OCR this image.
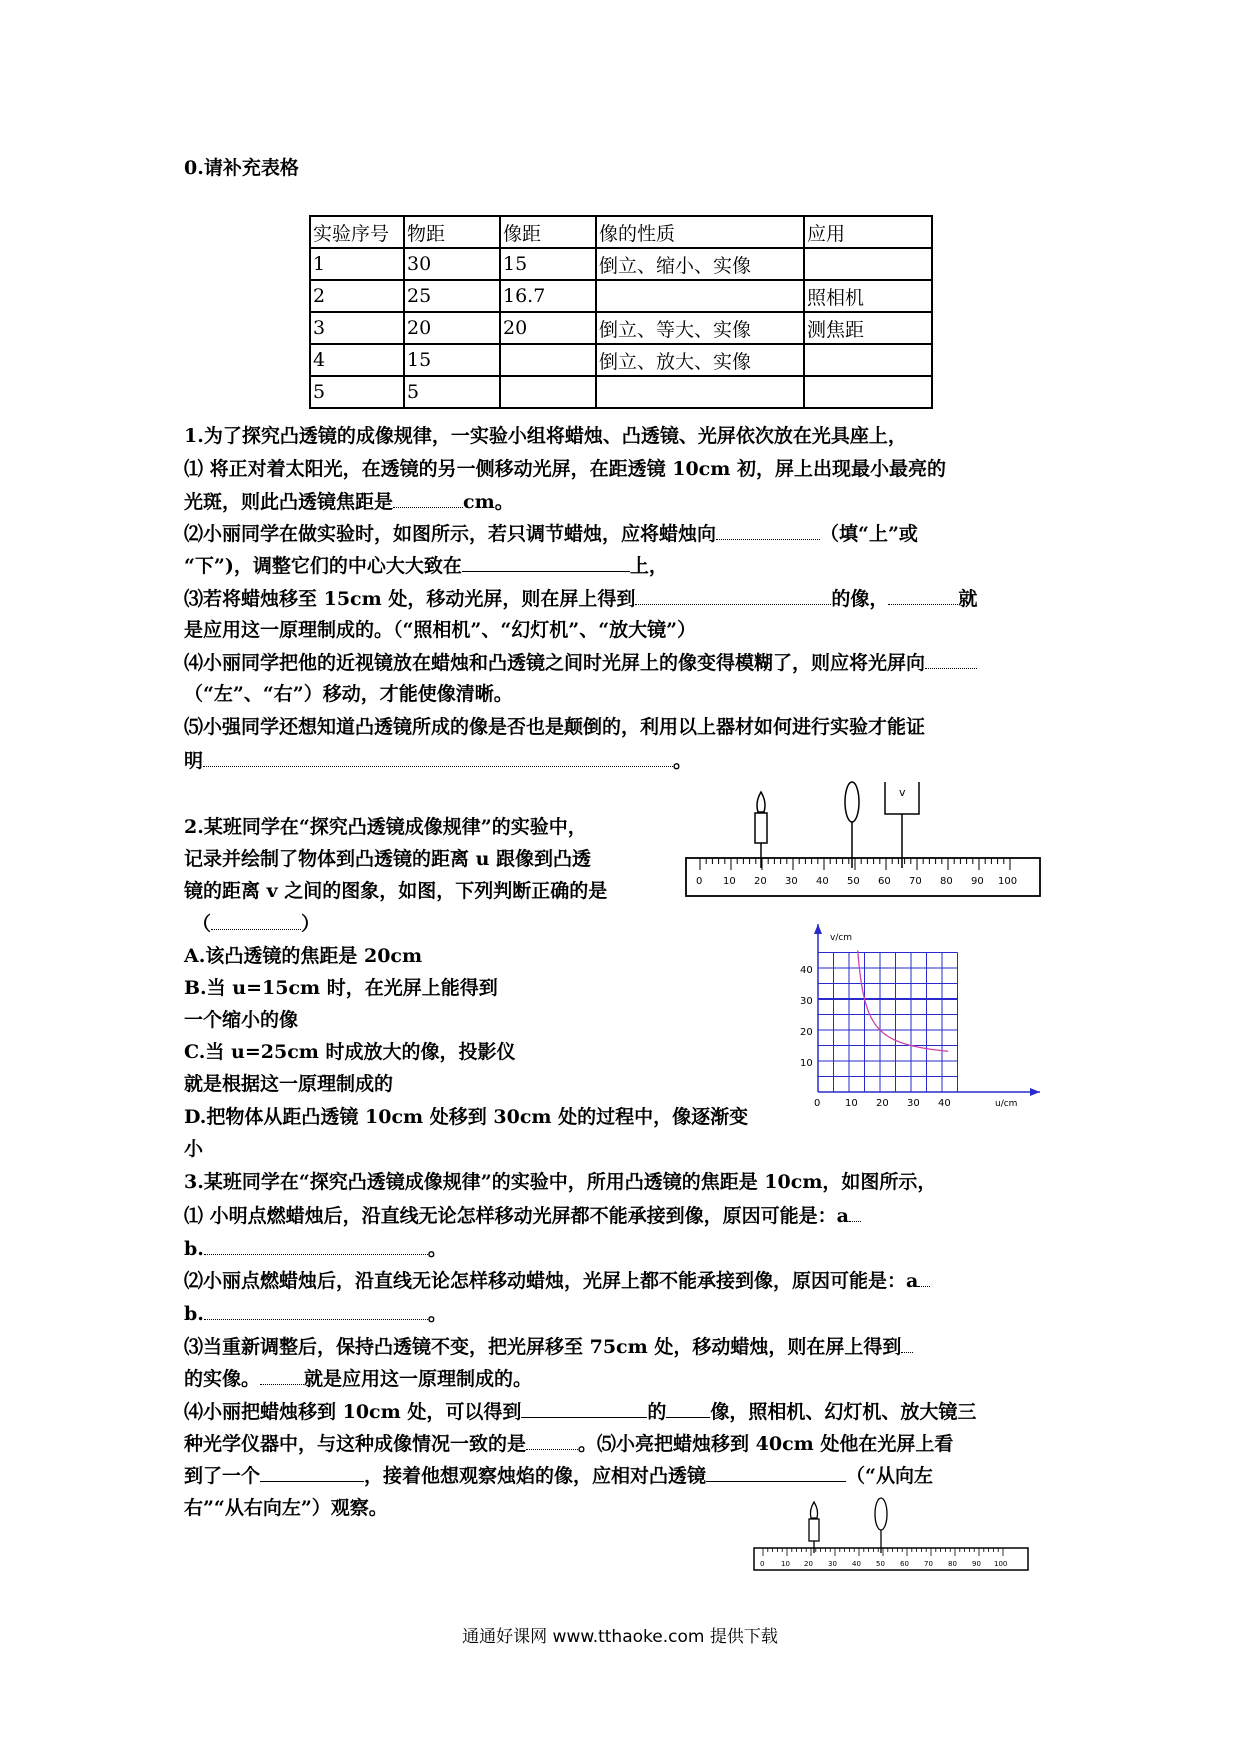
0.请补充表格
实验序号	物距	像距	像的性质	应用
1	30	15	倒立、缩小、实像	
2	25	16.7		照相机
3	20	20	倒立、等大、实像	测焦距
4	15		倒立、放大、实像	
5	5			
1.为了探究凸透镜的成像规律，一实验小组将蜡烛、凸透镜、光屏依次放在光具座上，
⑴ 将正对着太阳光，在透镜的另一侧移动光屏，在距透镜 10cm 初，屏上出现最小最亮的
光斑，则此凸透镜焦距是	cm。
⑵小丽同学在做实验时，如图所示，若只调节蜡烛，应将蜡烛向	（填“上”或
“下”)，调整它们的中心大大致在	上，
⑶若将蜡烛移至 15cm 处，移动光屏，则在屏上得到	的像，	就
是应用这一原理制成的。（“照相机”、“幻灯机”、“放大镜”）
⑷小丽同学把他的近视镜放在蜡烛和凸透镜之间时光屏上的像变得模糊了，则应将光屏向
（“左”、“右”）移动，才能使像清晰。
⑸小强同学还想知道凸透镜所成的像是否也是颠倒的，利用以上器材如何进行实验才能证
明	。
v
0 10 20 30 40 50 60 70 80 90 100
2.某班同学在“探究凸透镜成像规律”的实验中，
记录并绘制了物体到凸透镜的距离 u 跟像到凸透
镜的距离 v 之间的图象，如图，下列判断正确的是
（	）
A.该凸透镜的焦距是 20cm
B.当 u=15cm 时，在光屏上能得到
一个缩小的像
C.当 u=25cm 时成放大的像，投影仪
就是根据这一原理制成的
D.把物体从距凸透镜 10cm 处移到 30cm 处的过程中，像逐渐变
小
v/cm
u/cm
10
20
30
40
0 10 20 30 40
3.某班同学在“探究凸透镜成像规律”的实验中，所用凸透镜的焦距是 10cm，如图所示，
⑴ 小明点燃蜡烛后，沿直线无论怎样移动光屏都不能承接到像，原因可能是：a
b.	。
⑵小丽点燃蜡烛后，沿直线无论怎样移动蜡烛，光屏上都不能承接到像，原因可能是：a
b.	。
⑶当重新调整后，保持凸透镜不变，把光屏移至 75cm 处，移动蜡烛，则在屏上得到
的实像。 就是应用这一原理制成的。
⑷小丽把蜡烛移到 10cm 处，可以得到	的 像，照相机、幻灯机、放大镜三
种光学仪器中，与这种成像情况一致的是	。⑸小亮把蜡烛移到 40cm 处他在光屏上看
到了一个	，接着他想观察烛焰的像，应相对凸透镜	（“从向左
右”“从右向左”）观察。
0 10 20 30 40 50 60 70 80 90 100
通通好课网 www.tthaoke.com 提供下载
